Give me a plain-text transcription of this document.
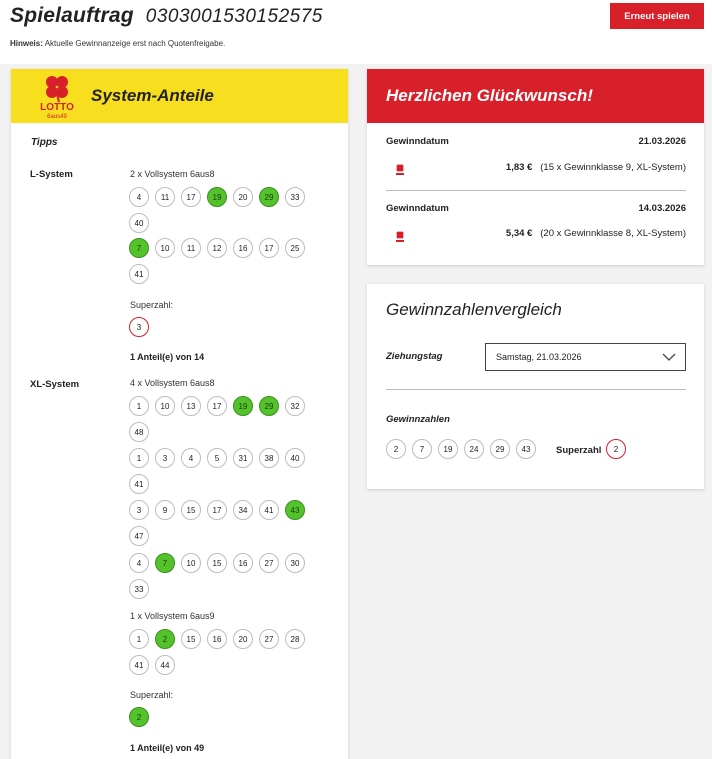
Spielauftrag 0303001530152575
Hinweis: Aktuelle Gewinnanzeige erst nach Quotenfreigabe.
Erneut spielen
LOTTO
6aus49
System-Anteile
Tipps
L-System	2 x Vollsystem 6aus8
4	11	17	19	20	29	33
40
7	10	11	12	16	17	25
41
Superzahl:
3
1 Anteil(e) von 14
XL-System	4 x Vollsystem 6aus8
1	10	13	17	19	29	32
48
1	3	4	5	31	38	40
41
3	9	15	17	34	41	43
47
4	7	10	15	16	27	30
33
1 x Vollsystem 6aus9
1	2	15	16	20	27	28
41	44
Superzahl:
2
1 Anteil(e) von 49
Herzlichen Glückwunsch!
Gewinndatum	21.03.2026
1,83 € (15 x Gewinnklasse 9, XL-System)
Gewinndatum	14.03.2026
5,34 € (20 x Gewinnklasse 8, XL-System)
Gewinnzahlenvergleich
Ziehungstag	Samstag, 21.03.2026
Gewinnzahlen
2	7	19	24	29	43	Superzahl	2
